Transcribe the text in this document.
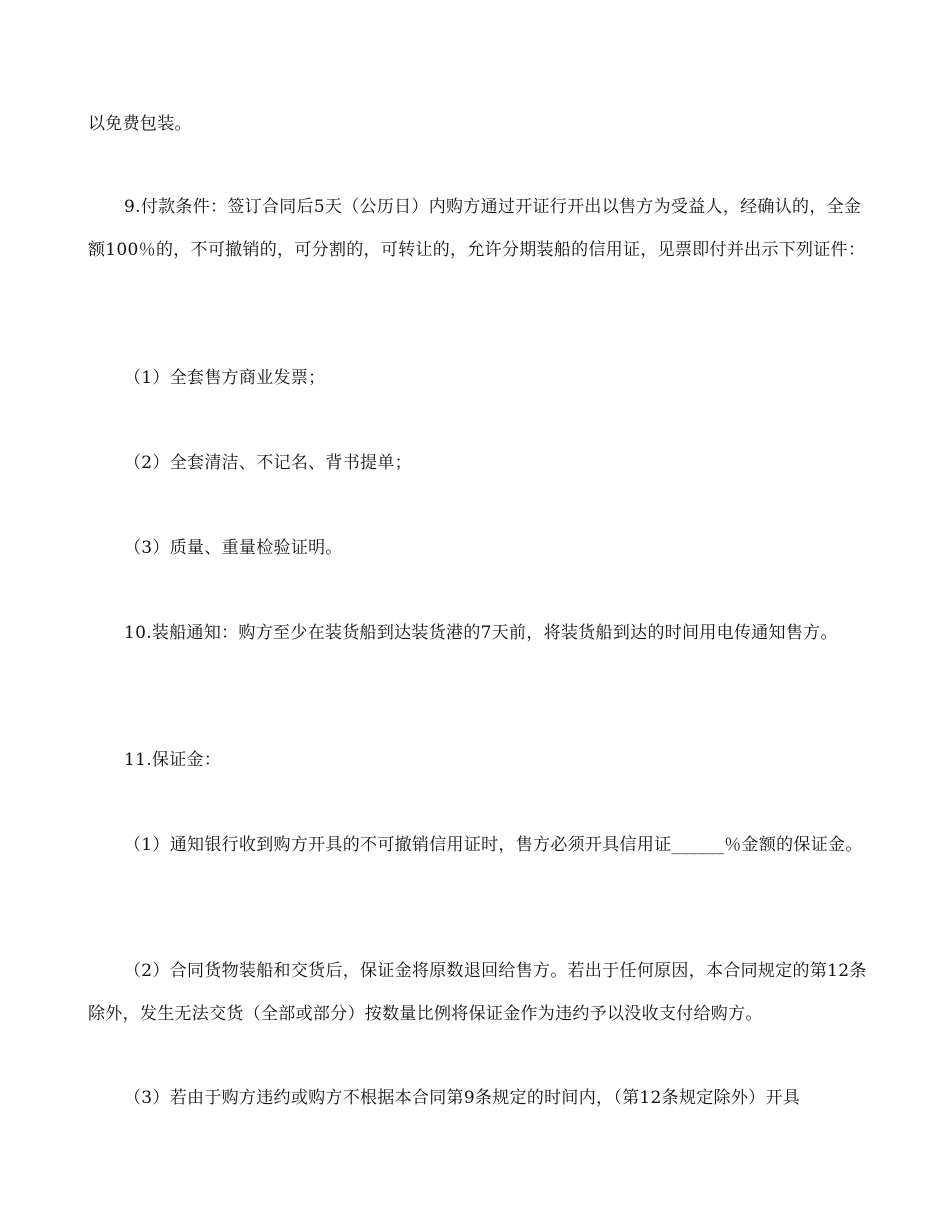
以免费包装。

9.付款条件：签订合同后5天（公历日）内购方通过开证行开出以售方为受益人，经确认的，全金额100％的，不可撤销的，可分割的，可转让的，允许分期装船的信用证，见票即付并出示下列证件：

（1）全套售方商业发票；

（2）全套清洁、不记名、背书提单；

（3）质量、重量检验证明。

10.装船通知：购方至少在装货船到达装货港的7天前，将装货船到达的时间用电传通知售方。

11.保证金：

（1）通知银行收到购方开具的不可撤销信用证时，售方必须开具信用证______％金额的保证金。

（2）合同货物装船和交货后，保证金将原数退回给售方。若出于任何原因，本合同规定的第12条除外，发生无法交货（全部或部分）按数量比例将保证金作为违约予以没收支付给购方。

（3）若由于购方违约或购方不根据本合同第9条规定的时间内，（第12条规定除外）开具
